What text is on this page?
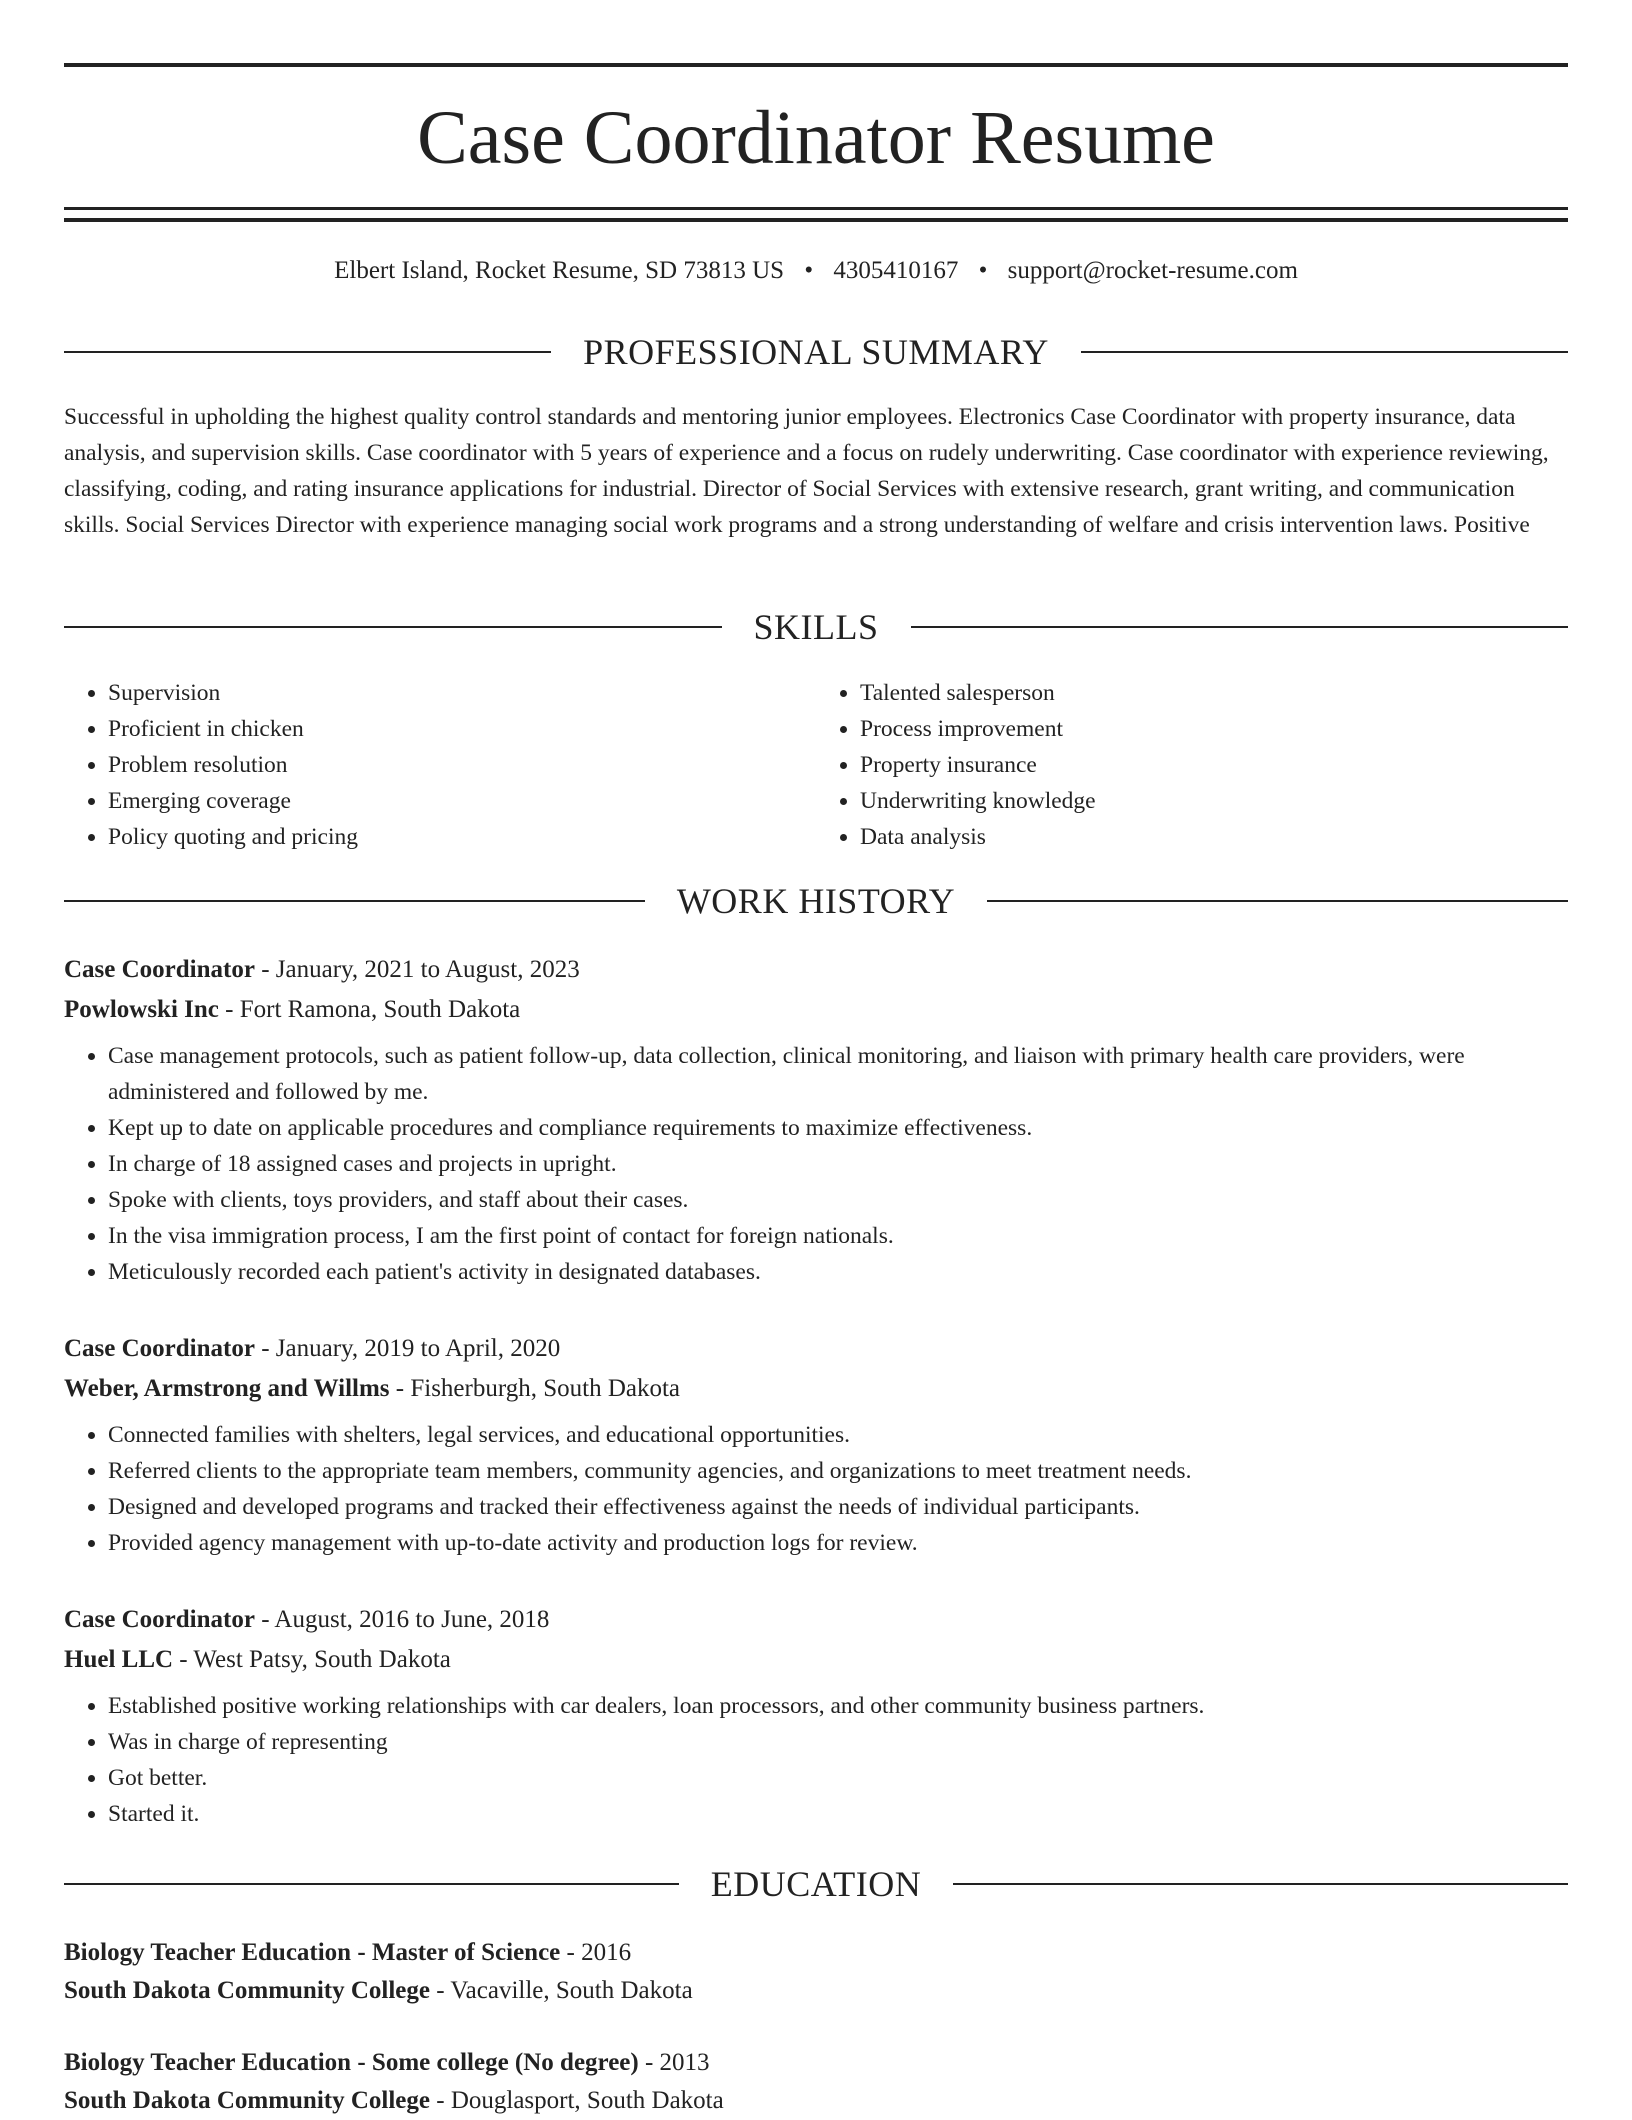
Case Coordinator Resume
Elbert Island, Rocket Resume, SD 73813 US • 4305410167 • support@rocket-resume.com
PROFESSIONAL SUMMARY
Successful in upholding the highest quality control standards and mentoring junior employees. Electronics Case Coordinator with property insurance, data analysis, and supervision skills. Case coordinator with 5 years of experience and a focus on rudely underwriting. Case coordinator with experience reviewing, classifying, coding, and rating insurance applications for industrial. Director of Social Services with extensive research, grant writing, and communication skills. Social Services Director with experience managing social work programs and a strong understanding of welfare and crisis intervention laws. Positive
SKILLS
• Supervision
• Proficient in chicken
• Problem resolution
• Emerging coverage
• Policy quoting and pricing
• Talented salesperson
• Process improvement
• Property insurance
• Underwriting knowledge
• Data analysis
WORK HISTORY
Case Coordinator - January, 2021 to August, 2023
Powlowski Inc - Fort Ramona, South Dakota
• Case management protocols, such as patient follow-up, data collection, clinical monitoring, and liaison with primary health care providers, were administered and followed by me.
• Kept up to date on applicable procedures and compliance requirements to maximize effectiveness.
• In charge of 18 assigned cases and projects in upright.
• Spoke with clients, toys providers, and staff about their cases.
• In the visa immigration process, I am the first point of contact for foreign nationals.
• Meticulously recorded each patient's activity in designated databases.
Case Coordinator - January, 2019 to April, 2020
Weber, Armstrong and Willms - Fisherburgh, South Dakota
• Connected families with shelters, legal services, and educational opportunities.
• Referred clients to the appropriate team members, community agencies, and organizations to meet treatment needs.
• Designed and developed programs and tracked their effectiveness against the needs of individual participants.
• Provided agency management with up-to-date activity and production logs for review.
Case Coordinator - August, 2016 to June, 2018
Huel LLC - West Patsy, South Dakota
• Established positive working relationships with car dealers, loan processors, and other community business partners.
• Was in charge of representing
• Got better.
• Started it.
EDUCATION
Biology Teacher Education - Master of Science - 2016
South Dakota Community College - Vacaville, South Dakota
Biology Teacher Education - Some college (No degree) - 2013
South Dakota Community College - Douglasport, South Dakota
